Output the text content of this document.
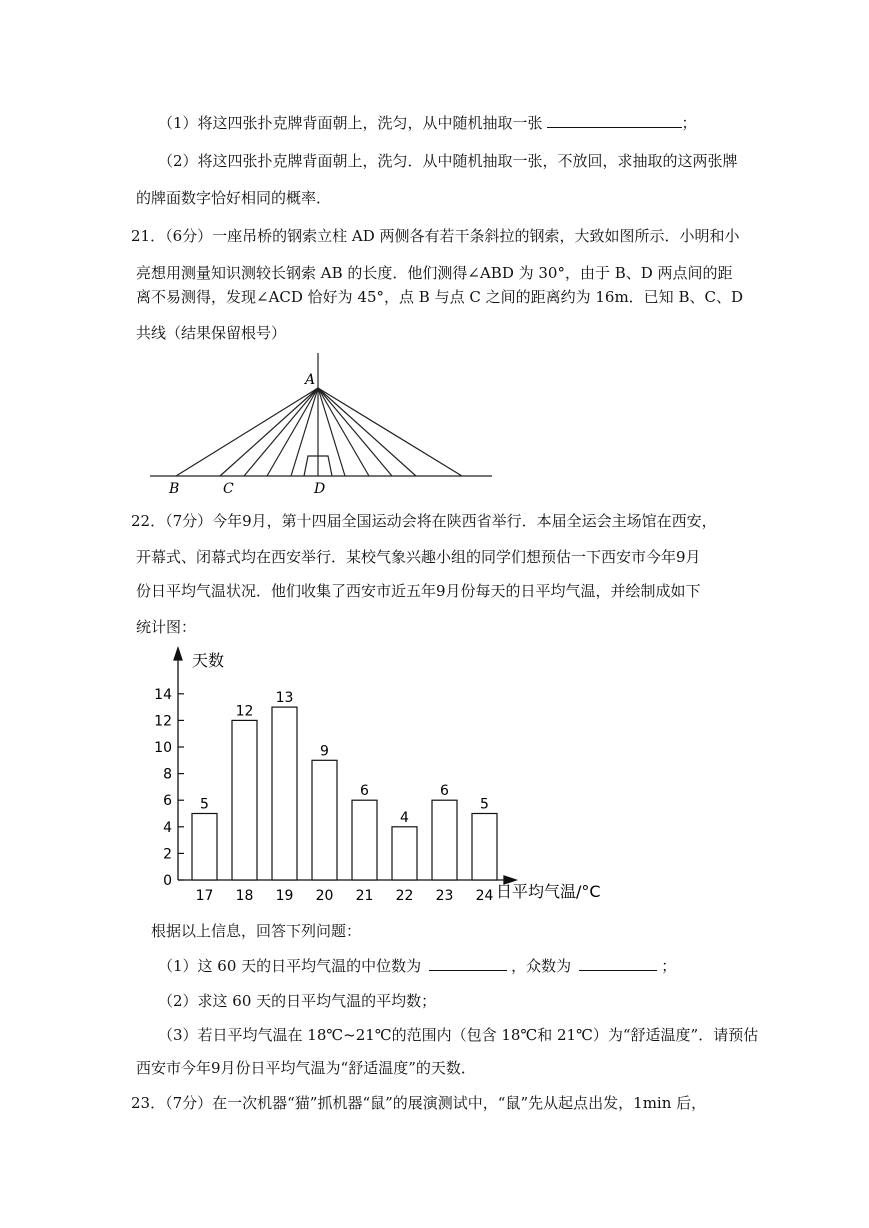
（1）将这四张扑克牌背面朝上，洗匀，从中随机抽取一张	；
（2）将这四张扑克牌背面朝上，洗匀．从中随机抽取一张，不放回，求抽取的这两张牌
的牌面数字恰好相同的概率．
21．（6分）一座吊桥的钢索立柱 AD 两侧各有若干条斜拉的钢索，大致如图所示．小明和小
亮想用测量知识测较长钢索 AB 的长度．他们测得∠ABD 为 30°，由于 B、D 两点间的距
离不易测得，发现∠ACD 恰好为 45°，点 B 与点 C 之间的距离约为 16m．已知 B、C、D
共线（结果保留根号）
A
B	C	D
22．（7分）今年9月，第十四届全国运动会将在陕西省举行．本届全运会主场馆在西安，
开幕式、闭幕式均在西安举行．某校气象兴趣小组的同学们想预估一下西安市今年9月
份日平均气温状况．他们收集了西安市近五年9月份每天的日平均气温，并绘制成如下
统计图：
0
2
4
6
8
10
12
14
5
17
12
18
13
19
9
20
6
21
4
22
6
23
5
24
天数
日平均气温/°C
根据以上信息，回答下列问题：
（1）这 60 天的日平均气温的中位数为	，众数为	；
（2）求这 60 天的日平均气温的平均数；
（3）若日平均气温在 18℃~21℃的范围内（包含 18℃和 21℃）为“舒适温度”．请预估
西安市今年9月份日平均气温为“舒适温度”的天数．
23．（7分）在一次机器“猫”抓机器“鼠”的展演测试中，“鼠”先从起点出发，1min 后，
